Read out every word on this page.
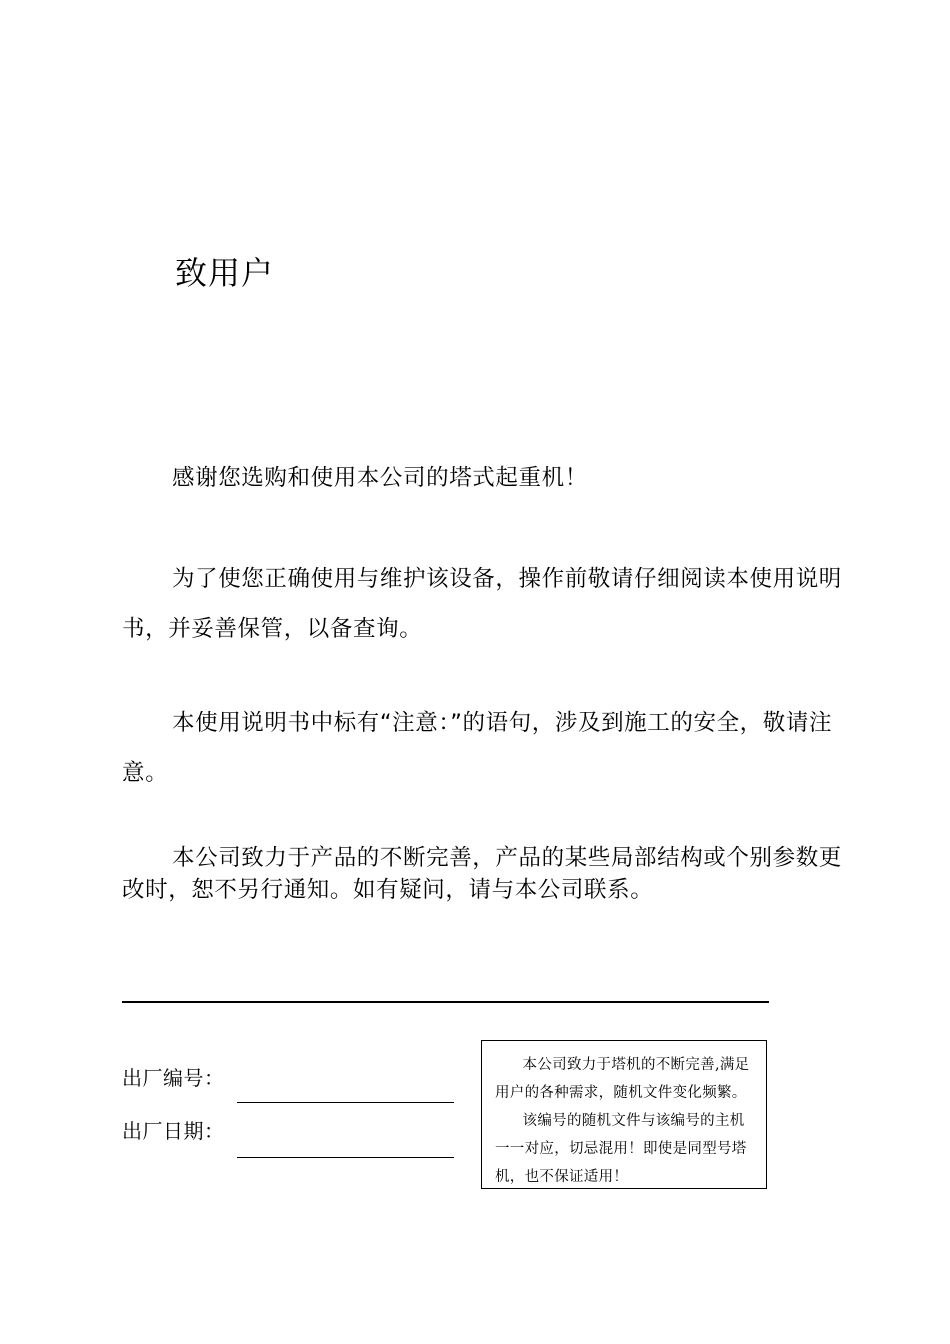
致用户

感谢您选购和使用本公司的塔式起重机！

为了使您正确使用与维护该设备，操作前敬请仔细阅读本使用说明书，并妥善保管，以备查询。

本使用说明书中标有“注意：”的语句，涉及到施工的安全，敬请注意。

本公司致力于产品的不断完善，产品的某些局部结构或个别参数更改时，恕不另行通知。如有疑问，请与本公司联系。

出厂编号：
出厂日期：

本公司致力于塔机的不断完善,满足用户的各种需求，随机文件变化频繁。

该编号的随机文件与该编号的主机一一对应，切忌混用！即使是同型号塔机，也不保证适用！
